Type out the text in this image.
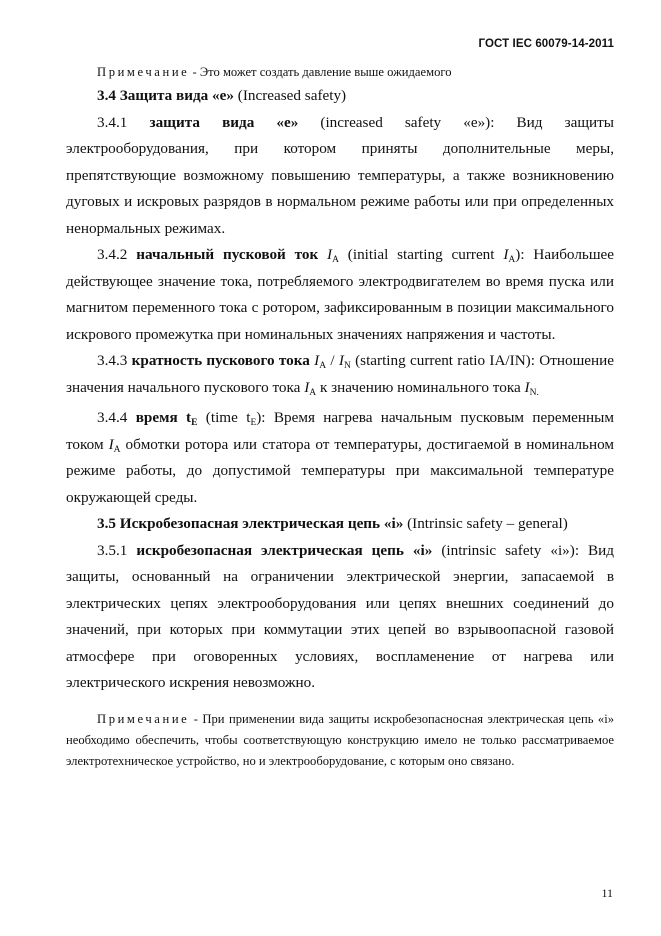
ГОСТ IEC 60079-14-2011

Примечание - Это может создать давление выше ожидаемого

3.4 Защита вида «е» (Increased safety)

3.4.1 защита вида «е» (increased safety «e»): Вид защиты электрооборудования, при котором приняты дополнительные меры, препятствующие возможному повышению температуры, а также возникновению дуговых и искровых разрядов в нормальном режиме работы или при определенных ненормальных режимах.

3.4.2 начальный пусковой ток $I_A$ (initial starting current $I_A$): Наибольшее действующее значение тока, потребляемого электродвигателем во время пуска или магнитом переменного тока с ротором, зафиксированным в позиции максимального искрового промежутка при номинальных значениях напряжения и частоты.

3.4.3 кратность пускового тока $I_A / I_N$ (starting current ratio IA/IN): Отношение значения начального пускового тока $I_A$ к значению номинального тока $I_{N.}$

3.4.4 время $t_E$ (time $t_E$): Время нагрева начальным пусковым переменным током $I_A$ обмотки ротора или статора от температуры, достигаемой в номинальном режиме работы, до допустимой температуры при максимальной температуре окружающей среды.

3.5 Искробезопасная электрическая цепь «i» (Intrinsic safety – general)

3.5.1 искробезопасная электрическая цепь «i» (intrinsic safety «i»): Вид защиты, основанный на ограничении электрической энергии, запасаемой в электрических цепях электрооборудования или цепях внешних соединений до значений, при которых при коммутации этих цепей во взрывоопасной газовой атмосфере при оговоренных условиях, воспламенение от нагрева или электрического искрения невозможно.

Примечание - При применении вида защиты искробезопасносная электрическая цепь «i» необходимо обеспечить, чтобы соответствующую конструкцию имело не только рассматриваемое электротехническое устройство, но и электрооборудование, с которым оно связано.

11
